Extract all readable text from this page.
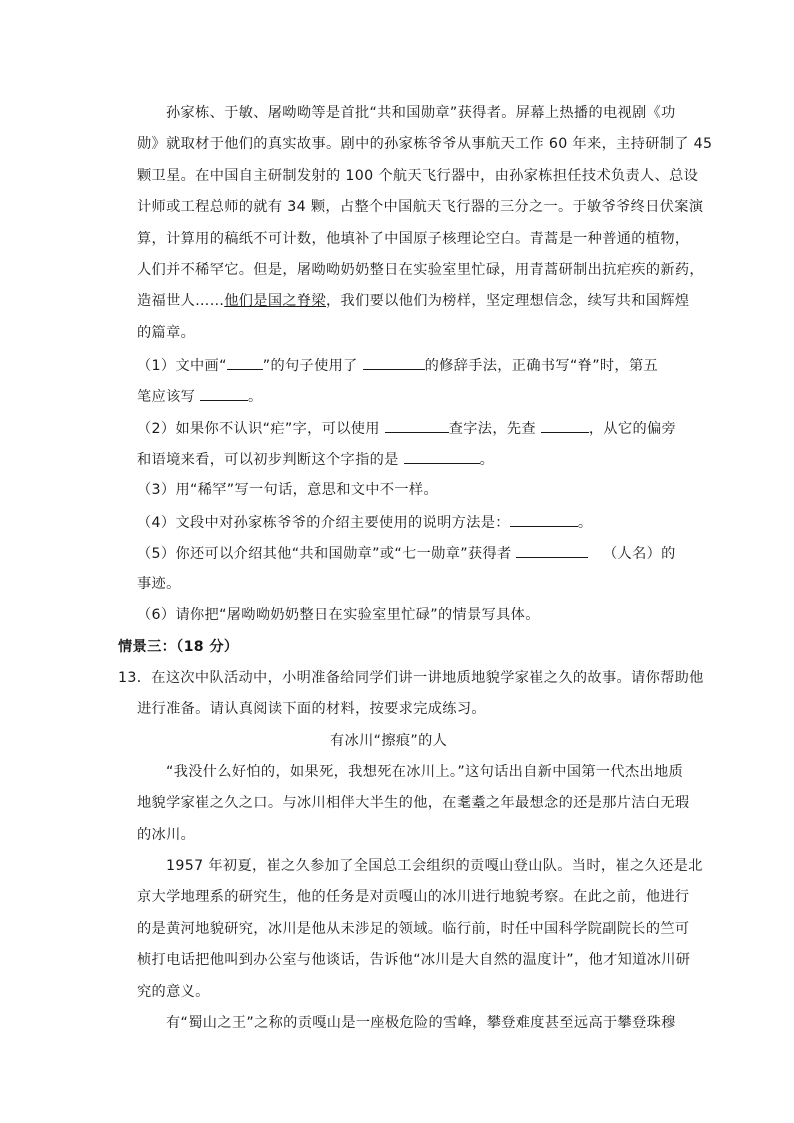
孙家栋、于敏、屠呦呦等是首批“共和国勋章”获得者。屏幕上热播的电视剧《功
勋》就取材于他们的真实故事。剧中的孙家栋爷爷从事航天工作 60 年来，主持研制了 45
颗卫星。在中国自主研制发射的 100 个航天飞行器中，由孙家栋担任技术负责人、总设
计师或工程总师的就有 34 颗，占整个中国航天飞行器的三分之一。于敏爷爷终日伏案演
算，计算用的稿纸不可计数，他填补了中国原子核理论空白。青蒿是一种普通的植物，
人们并不稀罕它。但是，屠呦呦奶奶整日在实验室里忙碌，用青蒿研制出抗疟疾的新药，
造福世人……他们是国之脊梁，我们要以他们为榜样，坚定理想信念，续写共和国辉煌
的篇章。
（1）文中画“	”的句子使用了	的修辞手法，正确书写“脊”时，第五
笔应该写	。
（2）如果你不认识“疟”字，可以使用	查字法，先查	，从它的偏旁
和语境来看，可以初步判断这个字指的是	。
（3）用“稀罕”写一句话，意思和文中不一样。
（4）文段中对孙家栋爷爷的介绍主要使用的说明方法是：	。
（5）你还可以介绍其他“共和国勋章”或“七一勋章”获得者	（人名）的
事迹。
（6）请你把“屠呦呦奶奶整日在实验室里忙碌”的情景写具体。
情景三：（18 分）
13．在这次中队活动中，小明准备给同学们讲一讲地质地貌学家崔之久的故事。请你帮助他
进行准备。请认真阅读下面的材料，按要求完成练习。
有冰川“擦痕”的人
“我没什么好怕的，如果死，我想死在冰川上。”这句话出自新中国第一代杰出地质
地貌学家崔之久之口。与冰川相伴大半生的他，在耄耋之年最想念的还是那片洁白无瑕
的冰川。
1957 年初夏，崔之久参加了全国总工会组织的贡嘎山登山队。当时，崔之久还是北
京大学地理系的研究生，他的任务是对贡嘎山的冰川进行地貌考察。在此之前，他进行
的是黄河地貌研究，冰川是他从未涉足的领域。临行前，时任中国科学院副院长的竺可
桢打电话把他叫到办公室与他谈话，告诉他“冰川是大自然的温度计”，他才知道冰川研
究的意义。
有“蜀山之王”之称的贡嘎山是一座极危险的雪峰，攀登难度甚至远高于攀登珠穆
